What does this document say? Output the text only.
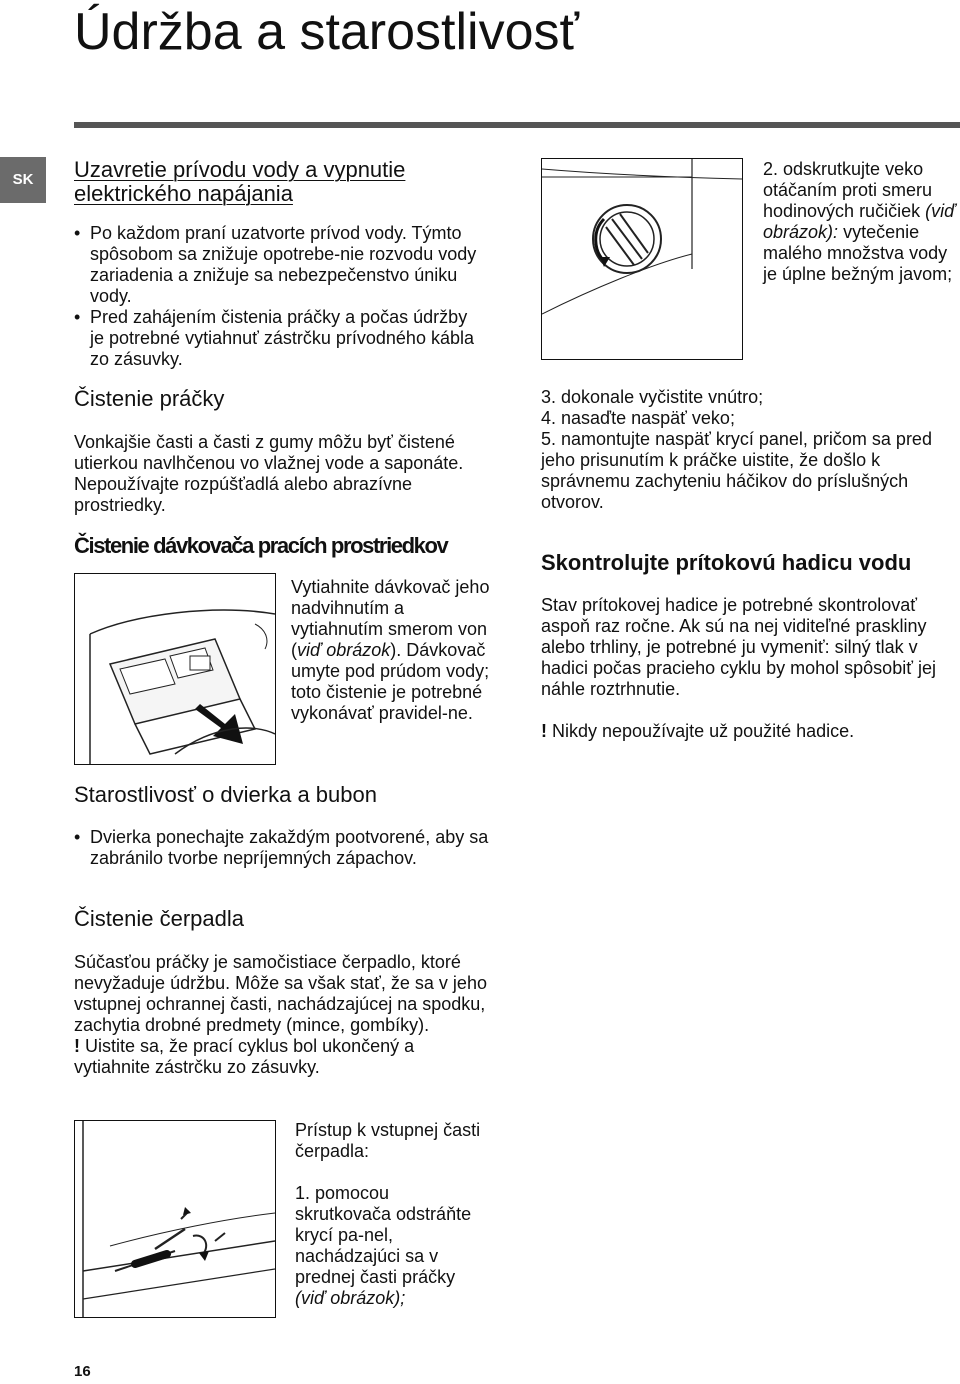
Údržba a starostlivosť
SK	Uzavretie prívodu vody a vypnutie elektrického napájania
• Po každom praní uzatvorte prívod vody. Týmto spôsobom sa znižuje opotrebe-nie rozvodu vody zariadenia a znižuje sa nebezpečenstvo úniku vody.
• Pred zahájením čistenia práčky a počas údržby je potrebné vytiahnuť zástrčku prívodného kábla zo zásuvky.
Čistenie práčky

Vonkajšie časti a časti z gumy môžu byť čistené utierkou navlhčenou vo vlažnej vode a saponáte. Nepoužívajte rozpúšťadlá alebo abrazívne prostriedky.

Čistenie dávkovača pracích prostriedkov
Vytiahnite dávkovač jeho nadvihnutím a vytiahnutím smerom von (viď obrázok). Dávkovač umyte pod prúdom vody; toto čistenie je potrebné vykonávať pravidel-ne.
Starostlivosť o dvierka a bubon
• Dvierka ponechajte zakaždým pootvorené, aby sa zabránilo tvorbe nepríjemných zápachov.
Čistenie čerpadla

Súčasťou práčky je samočistiace čerpadlo, ktoré nevyžaduje údržbu. Môže sa však stať, že sa v jeho vstupnej ochrannej časti, nachádzajúcej na spodku, zachytia drobné predmety (mince, gombíky).

! Uistite sa, že prací cyklus bol ukončený a vytiahnite zástrčku zo zásuvky.

Prístup k vstupnej časti čerpadla:

1. pomocou skrutkovača odstráňte krycí pa-nel, nachádzajúci sa v prednej časti práčky

(viď obrázok);

2. odskrutkujte veko otáčaním proti smeru hodinových ručičiek (viď obrázok): vytečenie malého množstva vody je úplne bežným javom;

3. dokonale vyčistite vnútro;

4. nasaďte naspäť veko;

5. namontujte naspäť krycí panel, pričom sa pred jeho prisunutím k práčke uistite, že došlo k správnemu zachyteniu háčikov do príslušných otvorov.

Skontrolujte prítokovú hadicu vodu

Stav prítokovej hadice je potrebné skontrolovať aspoň raz ročne. Ak sú na nej viditeľné praskliny alebo trhliny, je potrebné ju vymeniť: silný tlak v hadici počas pracieho cyklu by mohol spôsobiť jej náhle roztrhnutie.

! Nikdy nepoužívajte už použité hadice.

16
